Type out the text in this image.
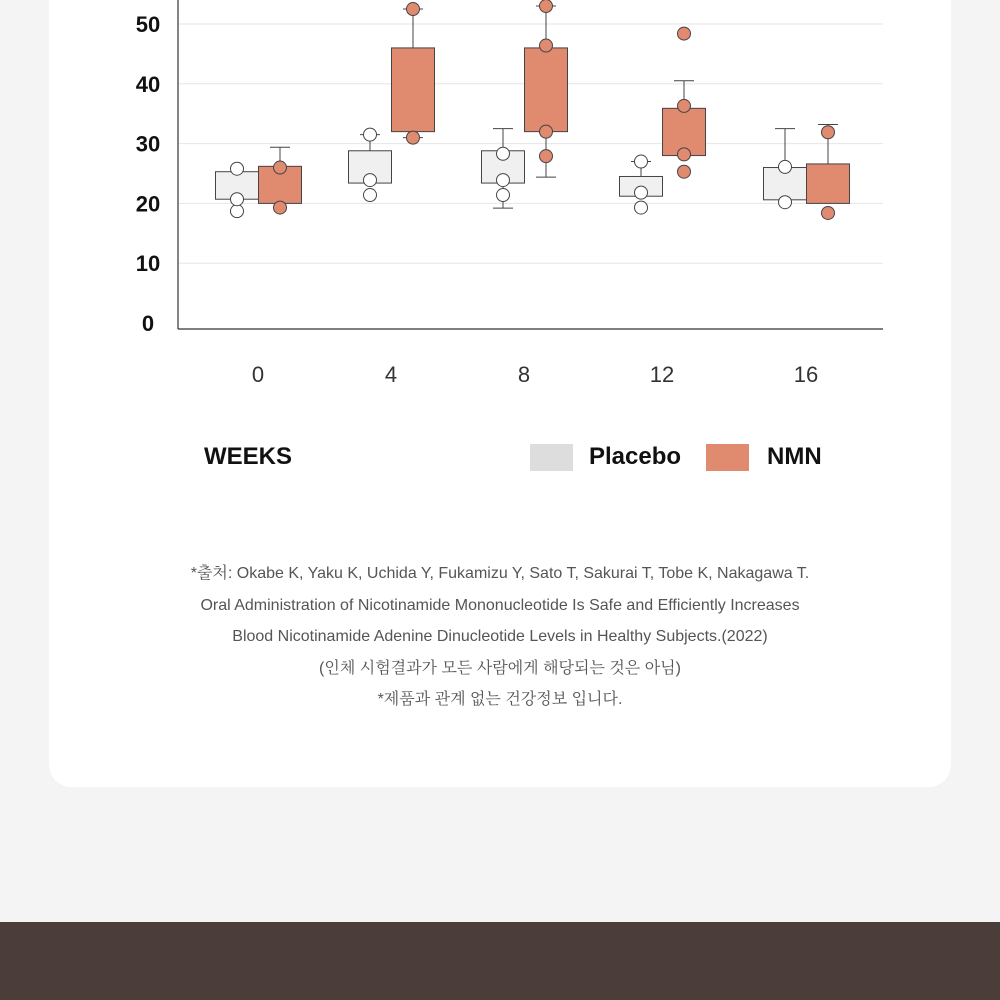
0
10
20
30
40
50
0	4	8	12	16
WEEKS	Placebo	NMN
*출처: Okabe K, Yaku K, Uchida Y, Fukamizu Y, Sato T, Sakurai T, Tobe K, Nakagawa T.
Oral Administration of Nicotinamide Mononucleotide Is Safe and Efficiently Increases
Blood Nicotinamide Adenine Dinucleotide Levels in Healthy Subjects.(2022)
(인체 시험결과가 모든 사람에게 해당되는 것은 아님)
*제품과 관계 없는 건강정보 입니다.
